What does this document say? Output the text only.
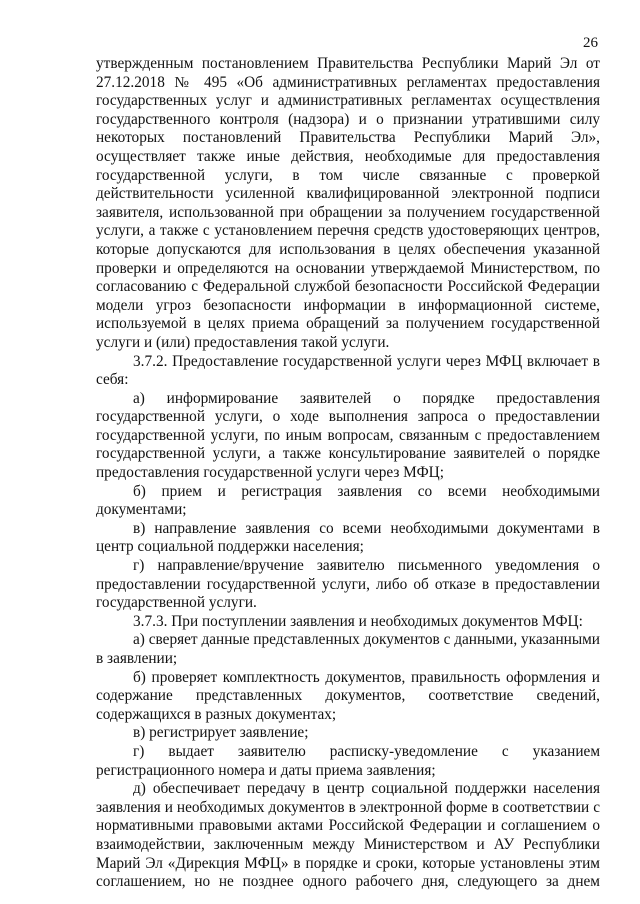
26

утвержденным постановлением Правительства Республики Марий Эл от 27.12.2018 № 495 «Об административных регламентах предоставления государственных услуг и административных регламентах осуществления государственного контроля (надзора) и о признании утратившими силу некоторых постановлений Правительства Республики Марий Эл», осуществляет также иные действия, необходимые для предоставления государственной услуги, в том числе связанные с проверкой действительности усиленной квалифицированной электронной подписи заявителя, использованной при обращении за получением государственной услуги, а также с установлением перечня средств удостоверяющих центров, которые допускаются для использования в целях обеспечения указанной проверки и определяются на основании утверждаемой Министерством, по согласованию с Федеральной службой безопасности Российской Федерации модели угроз безопасности информации в информационной системе, используемой в целях приема обращений за получением государственной услуги и (или) предоставления такой услуги.

3.7.2. Предоставление государственной услуги через МФЦ включает в себя:

а) информирование заявителей о порядке предоставления государственной услуги, о ходе выполнения запроса о предоставлении государственной услуги, по иным вопросам, связанным с предоставлением государственной услуги, а также консультирование заявителей о порядке предоставления государственной услуги через МФЦ;

б) прием и регистрация заявления со всеми необходимыми документами;

в) направление заявления со всеми необходимыми документами в центр социальной поддержки населения;

г) направление/вручение заявителю письменного уведомления о предоставлении государственной услуги, либо об отказе в предоставлении государственной услуги.

3.7.3. При поступлении заявления и необходимых документов МФЦ:

а) сверяет данные представленных документов с данными, указанными в заявлении;

б) проверяет комплектность документов, правильность оформления и содержание представленных документов, соответствие сведений, содержащихся в разных документах;

в) регистрирует заявление;

г) выдает заявителю расписку-уведомление с указанием регистрационного номера и даты приема заявления;

д) обеспечивает передачу в центр социальной поддержки населения заявления и необходимых документов в электронной форме в соответствии с нормативными правовыми актами Российской Федерации и соглашением о взаимодействии, заключенным между Министерством и АУ Республики Марий Эл «Дирекция МФЦ» в порядке и сроки, которые установлены этим соглашением, но не позднее одного рабочего дня, следующего за днем
